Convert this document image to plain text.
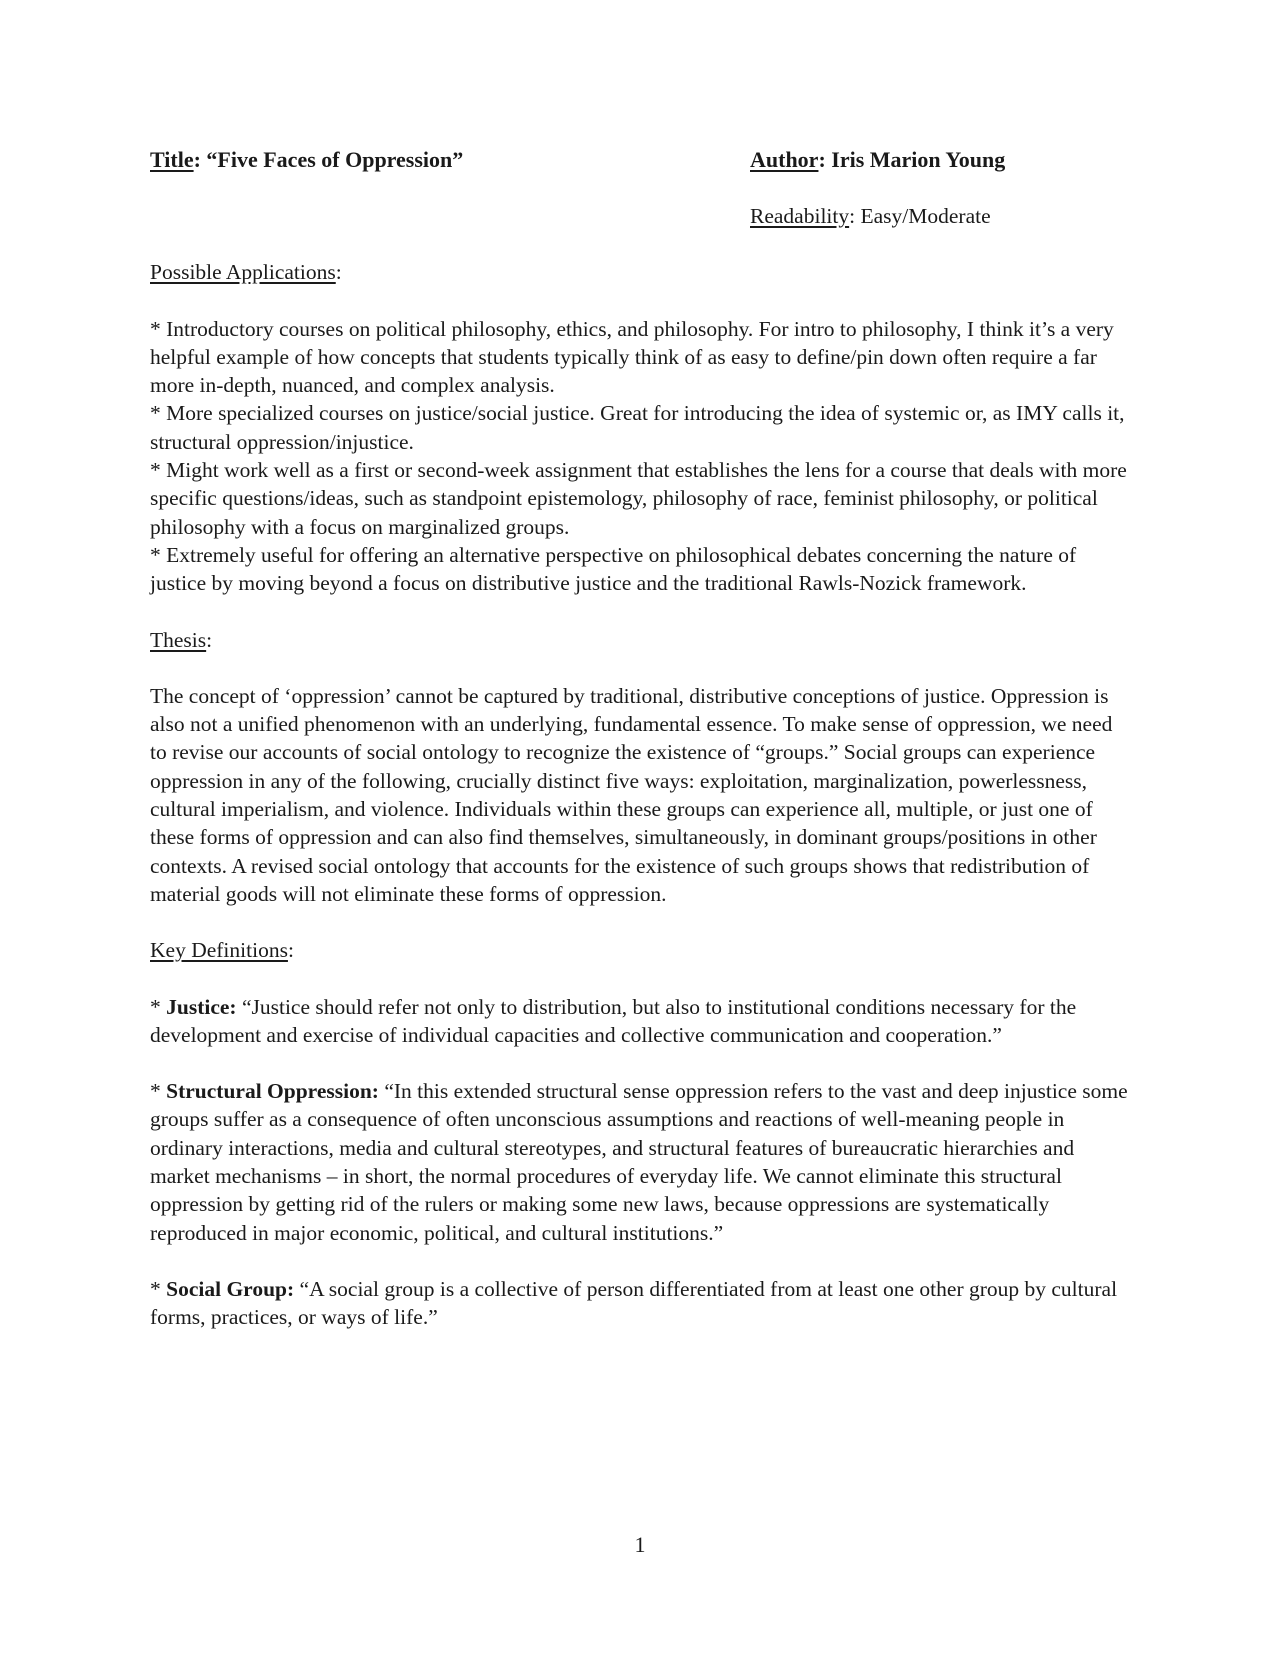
Title: “Five Faces of Oppression”	Author: Iris Marion Young
Readability: Easy/Moderate
Possible Applications:

* Introductory courses on political philosophy, ethics, and philosophy. For intro to philosophy, I think it’s a very helpful example of how concepts that students typically think of as easy to define/pin down often require a far more in-depth, nuanced, and complex analysis.

* More specialized courses on justice/social justice. Great for introducing the idea of systemic or, as IMY calls it, structural oppression/injustice.

* Might work well as a first or second-week assignment that establishes the lens for a course that deals with more specific questions/ideas, such as standpoint epistemology, philosophy of race, feminist philosophy, or political philosophy with a focus on marginalized groups.

* Extremely useful for offering an alternative perspective on philosophical debates concerning the nature of justice by moving beyond a focus on distributive justice and the traditional Rawls-Nozick framework.

Thesis:

The concept of ‘oppression’ cannot be captured by traditional, distributive conceptions of justice. Oppression is also not a unified phenomenon with an underlying, fundamental essence. To make sense of oppression, we need to revise our accounts of social ontology to recognize the existence of “groups.” Social groups can experience oppression in any of the following, crucially distinct five ways: exploitation, marginalization, powerlessness, cultural imperialism, and violence. Individuals within these groups can experience all, multiple, or just one of these forms of oppression and can also find themselves, simultaneously, in dominant groups/positions in other contexts. A revised social ontology that accounts for the existence of such groups shows that redistribution of material goods will not eliminate these forms of oppression.

Key Definitions:

* Justice: “Justice should refer not only to distribution, but also to institutional conditions necessary for the development and exercise of individual capacities and collective communication and cooperation.”

* Structural Oppression: “In this extended structural sense oppression refers to the vast and deep injustice some groups suffer as a consequence of often unconscious assumptions and reactions of well-meaning people in ordinary interactions, media and cultural stereotypes, and structural features of bureaucratic hierarchies and market mechanisms – in short, the normal procedures of everyday life. We cannot eliminate this structural oppression by getting rid of the rulers or making some new laws, because oppressions are systematically reproduced in major economic, political, and cultural institutions.”

* Social Group: “A social group is a collective of person differentiated from at least one other group by cultural forms, practices, or ways of life.”

1
